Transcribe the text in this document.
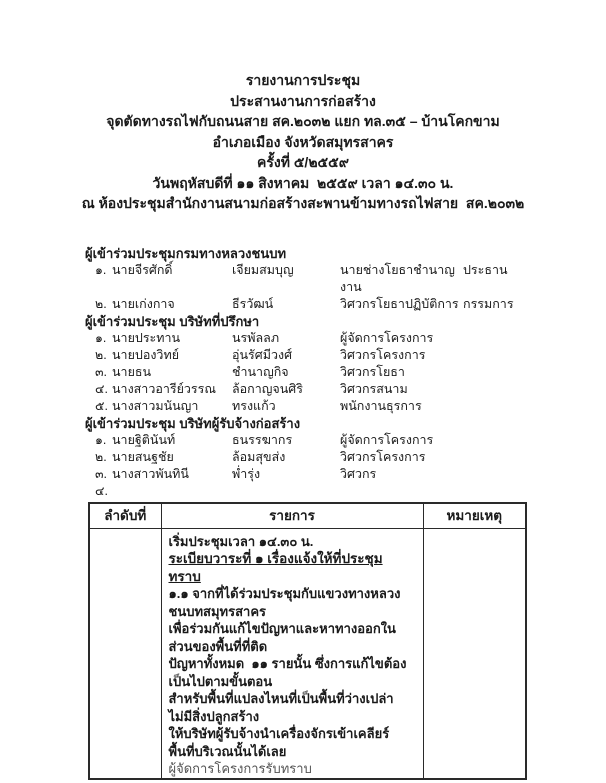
รายงานการประชุม
ประสานงานการก่อสร้าง
จุดตัดทางรถไฟกับถนนสาย สค.๒๐๓๒ แยก ทล.๓๕ – บ้านโคกขาม
อำเภอเมือง จังหวัดสมุทรสาคร
ครั้งที่ ๕/๒๕๕๙
วันพฤหัสบดีที่ ๑๑ สิงหาคม  ๒๕๕๙ เวลา ๑๔.๓๐ น.
ณ ห้องประชุมสำนักงานสนามก่อสร้างสะพานข้ามทางรถไฟสาย  สค.๒๐๓๒
ผู้เข้าร่วมประชุมกรมทางหลวงชนบท
๑. นายจีรศักดิ์	เจียมสมบุญ	นายช่างโยธาชำนาญงาน
ประธาน
๒. นายเก่งกาจ	ธีรวัฒน์	วิศวกรโยธาปฏิบัติการ กรรมการ
ผู้เข้าร่วมประชุม บริษัทที่ปรึกษา
๑. นายประทาน	นรพัลลภ	ผู้จัดการโครงการ
๒. นายปองวิทย์	อุ่นรัศมีวงศ์	วิศวกรโครงการ
๓. นายธน	ชำนาญกิจ	วิศวกรโยธา
๔. นางสาวอารีย์วรรณ	ล้อกาญจนศิริ	วิศวกรสนาม
๕. นางสาวมนันญา	ทรงแก้ว	พนักงานธุรการ
ผู้เข้าร่วมประชุม บริษัทผู้รับจ้างก่อสร้าง
๑. นายฐิตินันท์	ธนรรฆากร	ผู้จัดการโครงการ
๒. นายสนฐชัย	ล้อมสุขส่ง	วิศวกรโครงการ
๓. นางสาวพันทินี	พ่ำรุ่ง	วิศวกร
๔.
ลำดับที่	รายการ	หมายเหตุ

เริ่มประชุมเวลา ๑๔.๓๐ น.
ระเบียบวาระที่ ๑ เรื่องแจ้งให้ที่ประชุมทราบ
๑.๑ จากที่ได้ร่วมประชุมกับแขวงทางหลวงชนบทสมุทรสาคร
เพื่อร่วมกันแก้ไขปัญหาและหาทางออกในส่วนของพื้นที่ที่ติด
ปัญหาทั้งหมด  ๑๑ รายนั้น ซึ่งการแก้ไขต้องเป็นไปตามขั้นตอน
สำหรับพื้นที่แปลงไหนที่เป็นพื้นที่ว่างเปล่าไม่มีสิ่งปลูกสร้าง
ให้บริษัทผู้รับจ้างนำเครื่องจักรเข้าเคลียร์พื้นที่บริเวณนั้นได้เลย
ผู้จัดการโครงการรับทราบ
